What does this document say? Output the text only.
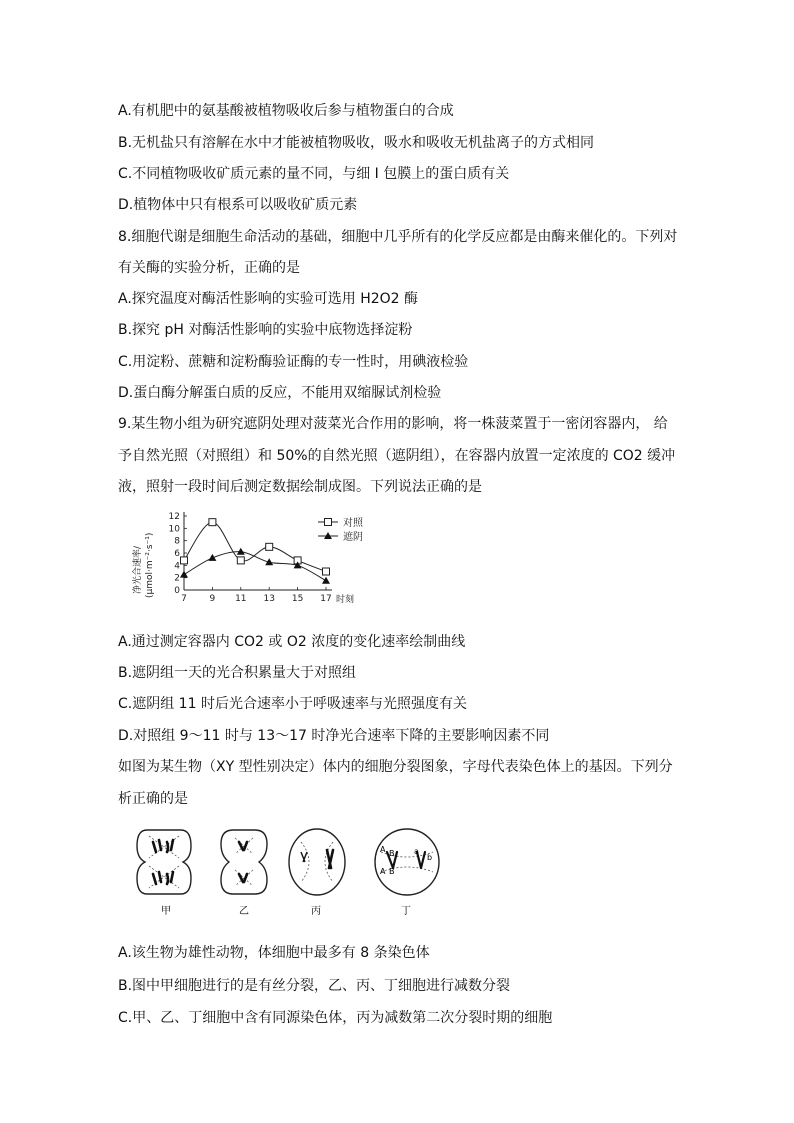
A.有机肥中的氨基酸被植物吸收后参与植物蛋白的合成
B.无机盐只有溶解在水中才能被植物吸收，吸水和吸收无机盐离子的方式相同
C.不同植物吸收矿质元素的量不同，与细 I 包膜上的蛋白质有关
D.植物体中只有根系可以吸收矿质元素
8.细胞代谢是细胞生命活动的基础，细胞中几乎所有的化学反应都是由酶来催化的。下列对
有关酶的实验分析，正确的是
A.探究温度对酶活性影响的实验可选用 H2O2 酶
B.探究 pH 对酶活性影响的实验中底物选择淀粉
C.用淀粉、蔗糖和淀粉酶验证酶的专一性时，用碘液检验
D.蛋白酶分解蛋白质的反应，不能用双缩脲试剂检验
9.某生物小组为研究遮阴处理对菠菜光合作用的影响，将一株菠菜置于一密闭容器内， 给
予自然光照（对照组）和 50%的自然光照（遮阴组），在容器内放置一定浓度的 CO2 缓冲
液，照射一段时间后测定数据绘制成图。下列说法正确的是
0
2
4
6
8
10
12
7	9 11 13 15 17 时刻
净光合速率/ (μmol·m⁻²·s⁻¹)
对照
遮阴
A.通过测定容器内 CO2 或 O2 浓度的变化速率绘制曲线
B.遮阴组一天的光合积累量大于对照组
C.遮阴组 11 时后光合速率小于呼吸速率与光照强度有关
D.对照组 9～11 时与 13～17 时净光合速率下降的主要影响因素不同
如图为某生物（XY 型性别决定）体内的细胞分裂图象，字母代表染色体上的基因。下列分
析正确的是
A B
A B
a
b
甲	乙	丙	丁
A.该生物为雄性动物，体细胞中最多有 8 条染色体
B.图中甲细胞进行的是有丝分裂，乙、丙、丁细胞进行减数分裂
C.甲、乙、丁细胞中含有同源染色体，丙为减数第二次分裂时期的细胞
